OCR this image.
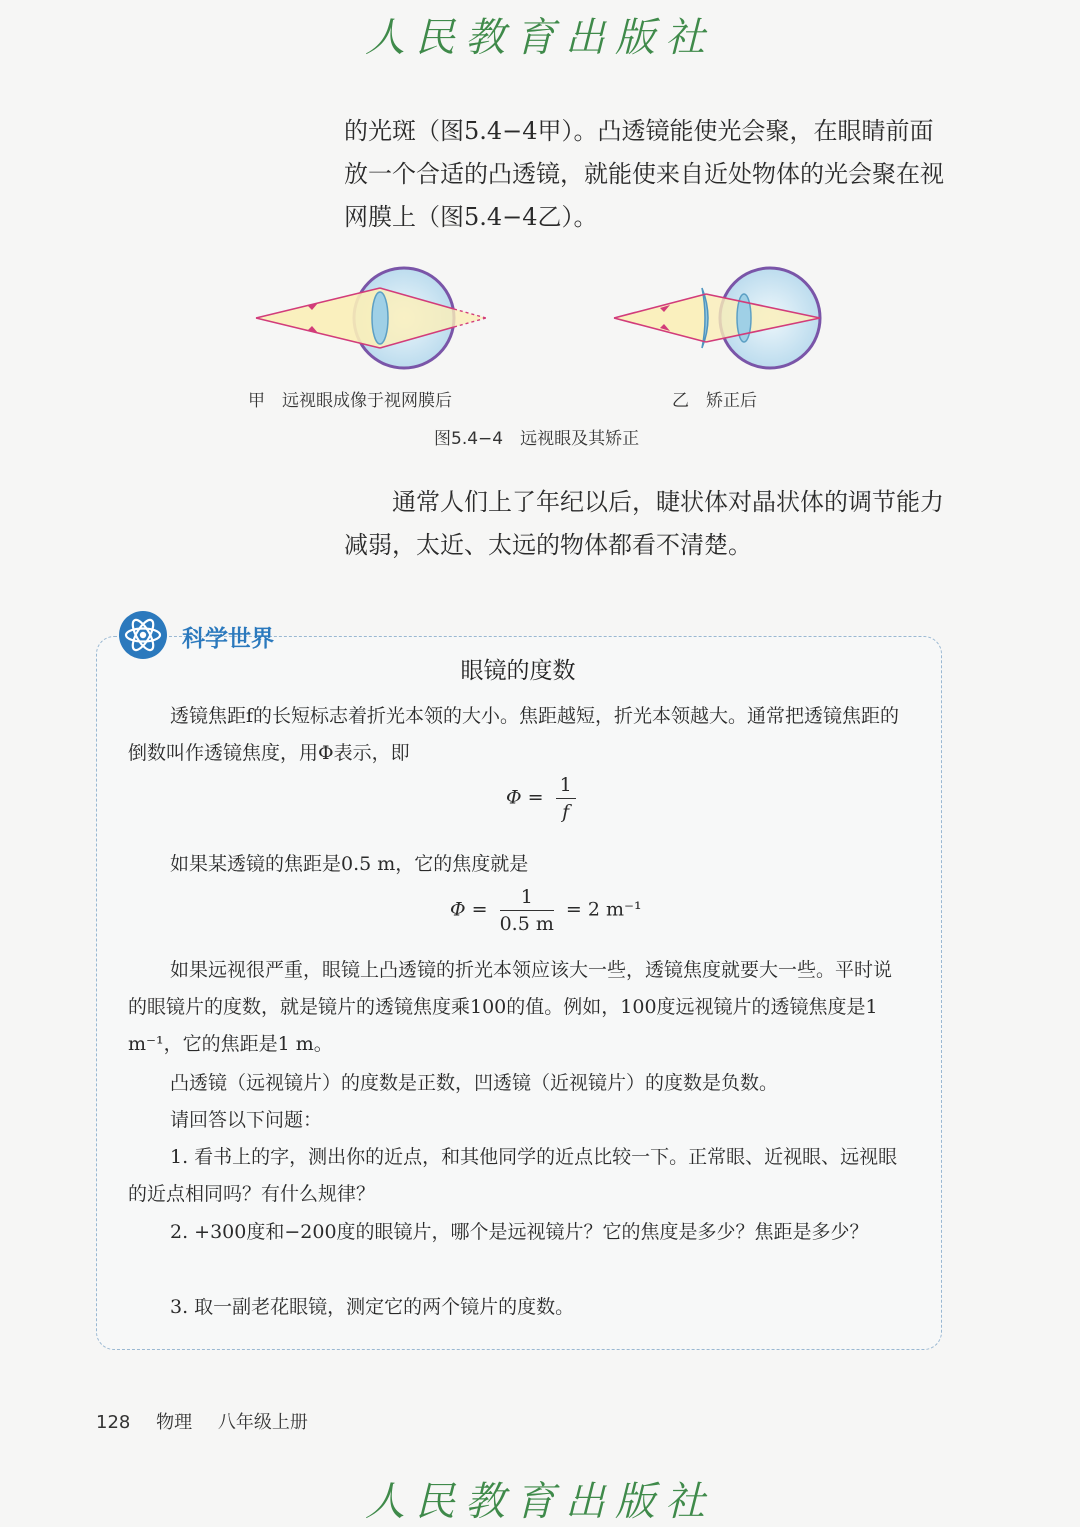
人民教育出版社

的光斑（图5.4−4甲）。凸透镜能使光会聚，在眼睛前面放一个合适的凸透镜，就能使来自近处物体的光会聚在视网膜上（图5.4−4乙）。

甲　远视眼成像于视网膜后	乙　矫正后
图5.4−4　远视眼及其矫正

通常人们上了年纪以后，睫状体对晶状体的调节能力减弱，太近、太远的物体都看不清楚。

科学世界
眼镜的度数

透镜焦距f的长短标志着折光本领的大小。焦距越短，折光本领越大。通常把透镜焦距的倒数叫作透镜焦度，用Φ表示，即

$\Phi = \frac{1}{f}$

如果某透镜的焦距是0.5 m，它的焦度就是

$\Phi = \frac{1}{0.5 m} = 2$ m⁻¹

如果远视很严重，眼镜上凸透镜的折光本领应该大一些，透镜焦度就要大一些。平时说的眼镜片的度数，就是镜片的透镜焦度乘100的值。例如，100度远视镜片的透镜焦度是1 m⁻¹，它的焦距是1 m。

凸透镜（远视镜片）的度数是正数，凹透镜（近视镜片）的度数是负数。

请回答以下问题：

1. 看书上的字，测出你的近点，和其他同学的近点比较一下。正常眼、近视眼、远视眼的近点相同吗？有什么规律？

2. +300度和−200度的眼镜片，哪个是远视镜片？它的焦度是多少？焦距是多少？

3. 取一副老花眼镜，测定它的两个镜片的度数。

128 物理 八年级上册
人民教育出版社
